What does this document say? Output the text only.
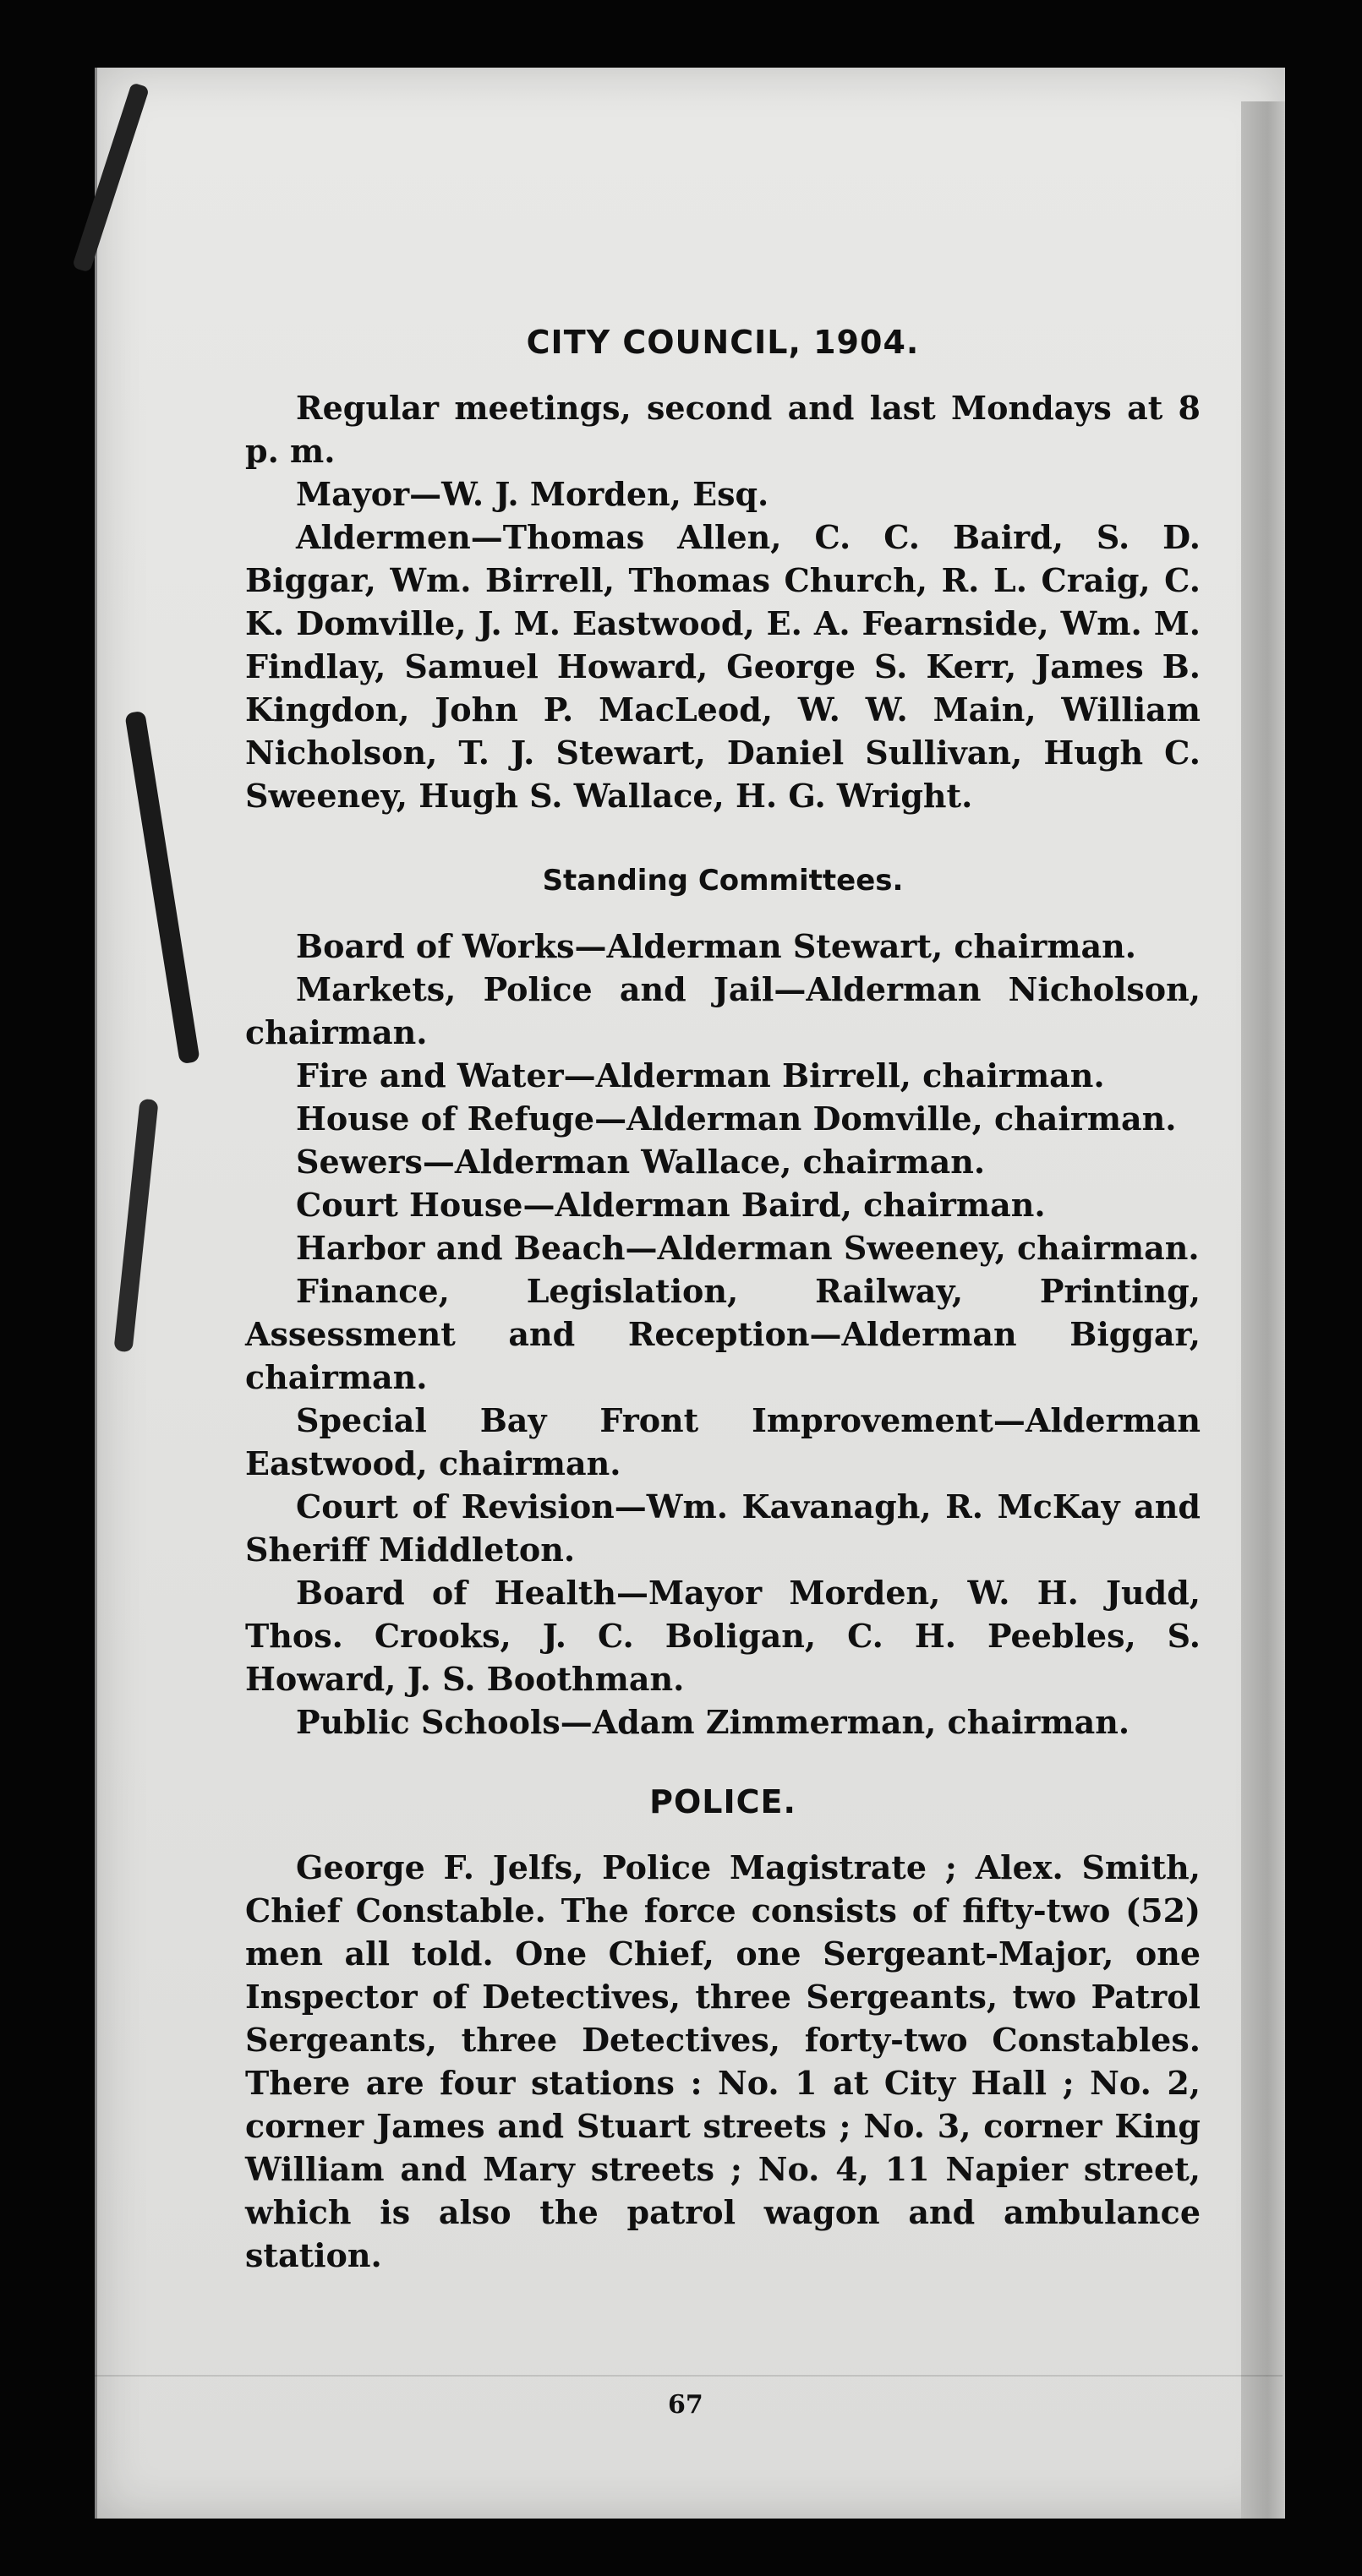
CITY COUNCIL, 1904.

Regular meetings, second and last Mondays at 8 p. m.

Mayor—W. J. Morden, Esq.

Aldermen—Thomas Allen, C. C. Baird, S. D. Biggar, Wm. Birrell, Thomas Church, R. L. Craig, C. K. Domville, J. M. Eastwood, E. A. Fearnside, Wm. M. Findlay, Samuel Howard, George S. Kerr, James B. Kingdon, John P. MacLeod, W. W. Main, William Nicholson, T. J. Stewart, Daniel Sullivan, Hugh C. Sweeney, Hugh S. Wallace, H. G. Wright.

Standing Committees.

Board of Works—Alderman Stewart, chairman.

Markets, Police and Jail—Alderman Nicholson, chairman.

Fire and Water—Alderman Birrell, chairman.

House of Refuge—Alderman Domville, chairman.

Sewers—Alderman Wallace, chairman.

Court House—Alderman Baird, chairman.

Harbor and Beach—Alderman Sweeney, chairman.

Finance, Legislation, Railway, Printing, Assessment and Reception—Alderman Biggar, chairman.

Special Bay Front Improvement—Alderman Eastwood, chairman.

Court of Revision—Wm. Kavanagh, R. McKay and Sheriff Middleton.

Board of Health—Mayor Morden, W. H. Judd, Thos. Crooks, J. C. Boligan, C. H. Peebles, S. Howard, J. S. Boothman.

Public Schools—Adam Zimmerman, chairman.

POLICE.

George F. Jelfs, Police Magistrate ; Alex. Smith, Chief Constable. The force consists of fifty-two (52) men all told. One Chief, one Sergeant-Major, one Inspector of Detectives, three Sergeants, two Patrol Sergeants, three Detectives, forty-two Constables. There are four stations : No. 1 at City Hall ; No. 2, corner James and Stuart streets ; No. 3, corner King William and Mary streets ; No. 4, 11 Napier street, which is also the patrol wagon and ambulance station.

67
